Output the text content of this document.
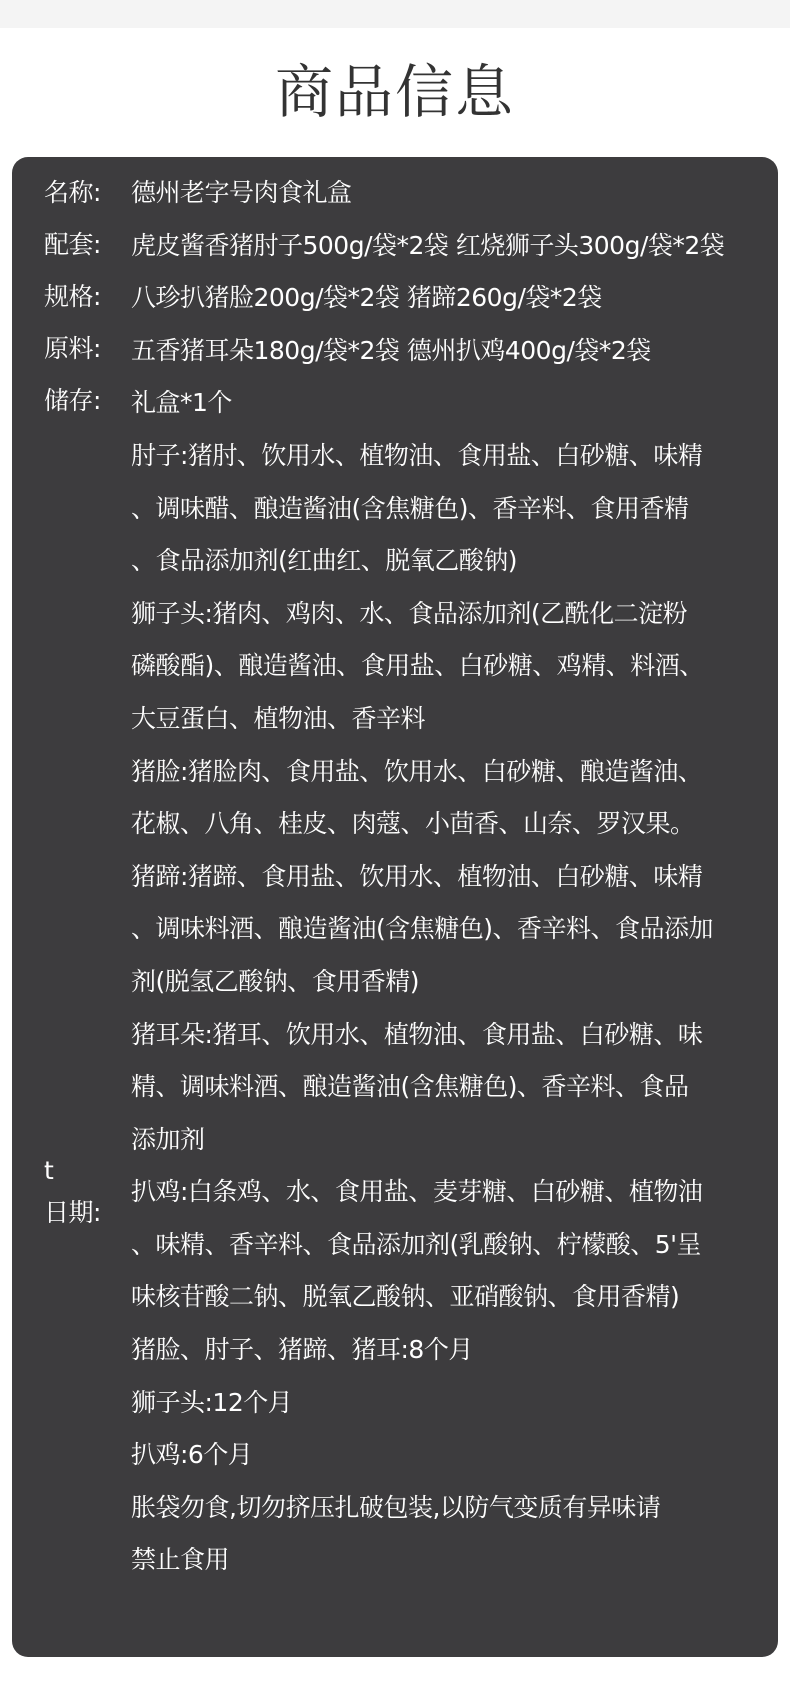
商品信息
名称:
配套:
规格:
原料:
储存:
t
日期:
德州老字号肉食礼盒
虎皮酱香猪肘子500g/袋*2袋 红烧狮子头300g/袋*2袋
八珍扒猪脸200g/袋*2袋 猪蹄260g/袋*2袋
五香猪耳朵180g/袋*2袋 德州扒鸡400g/袋*2袋
礼盒*1个
肘子:猪肘、饮用水、植物油、食用盐、白砂糖、味精
、调味醋、酿造酱油(含焦糖色)、香辛料、食用香精
、食品添加剂(红曲红、脱氧乙酸钠)
狮子头:猪肉、鸡肉、水、食品添加剂(乙酰化二淀粉
磷酸酯)、酿造酱油、食用盐、白砂糖、鸡精、料酒、
大豆蛋白、植物油、香辛料
猪脸:猪脸肉、食用盐、饮用水、白砂糖、酿造酱油、
花椒、八角、桂皮、肉蔻、小茴香、山奈、罗汉果。
猪蹄:猪蹄、食用盐、饮用水、植物油、白砂糖、味精
、调味料酒、酿造酱油(含焦糖色)、香辛料、食品添加
剂(脱氢乙酸钠、食用香精)
猪耳朵:猪耳、饮用水、植物油、食用盐、白砂糖、味
精、调味料酒、酿造酱油(含焦糖色)、香辛料、食品
添加剂
扒鸡:白条鸡、水、食用盐、麦芽糖、白砂糖、植物油
、味精、香辛料、食品添加剂(乳酸钠、柠檬酸、5'呈
味核苷酸二钠、脱氧乙酸钠、亚硝酸钠、食用香精)
猪脸、肘子、猪蹄、猪耳:8个月
狮子头:12个月
扒鸡:6个月
胀袋勿食,切勿挤压扎破包装,以防气变质有异味请
禁止食用
